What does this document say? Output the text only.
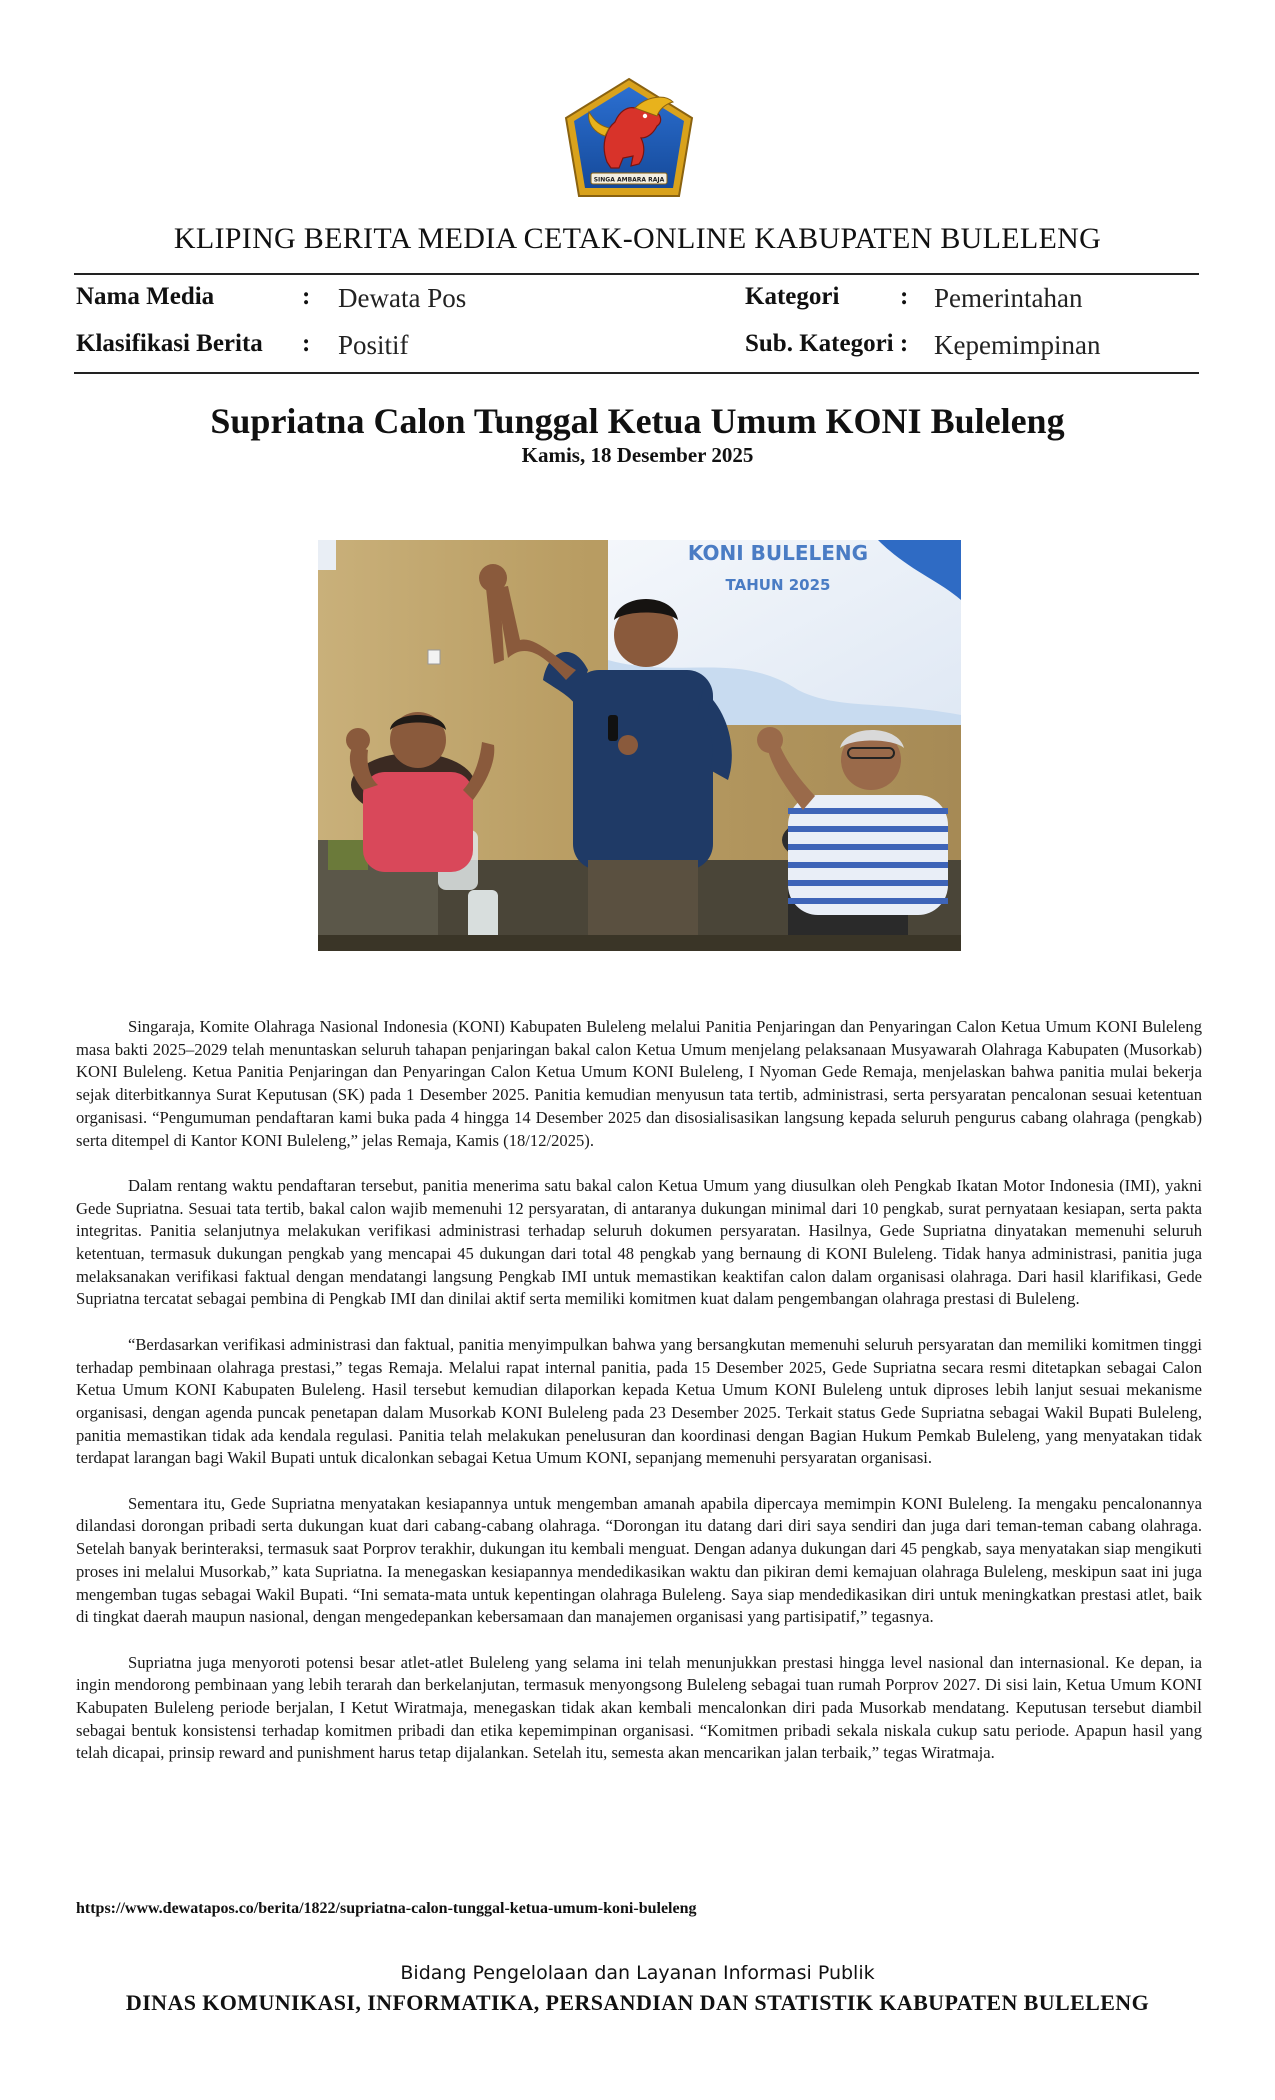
SINGA AMBARA RAJA
KLIPING BERITA MEDIA CETAK-ONLINE KABUPATEN BULELENG
Nama Media	: Dewata Pos
Klasifikasi Berita : Positif
Kategori : Pemerintahan
Sub. Kategori : Kepemimpinan
Supriatna Calon Tunggal Ketua Umum KONI Buleleng
Kamis, 18 Desember 2025
KONI BULELENG
TAHUN 2025

Singaraja, Komite Olahraga Nasional Indonesia (KONI) Kabupaten Buleleng melalui Panitia Penjaringan dan Penyaringan Calon Ketua Umum KONI Buleleng masa bakti 2025–2029 telah menuntaskan seluruh tahapan penjaringan bakal calon Ketua Umum menjelang pelaksanaan Musyawarah Olahraga Kabupaten (Musorkab) KONI Buleleng. Ketua Panitia Penjaringan dan Penyaringan Calon Ketua Umum KONI Buleleng, I Nyoman Gede Remaja, menjelaskan bahwa panitia mulai bekerja sejak diterbitkannya Surat Keputusan (SK) pada 1 Desember 2025. Panitia kemudian menyusun tata tertib, administrasi, serta persyaratan pencalonan sesuai ketentuan organisasi. “Pengumuman pendaftaran kami buka pada 4 hingga 14 Desember 2025 dan disosialisasikan langsung kepada seluruh pengurus cabang olahraga (pengkab) serta ditempel di Kantor KONI Buleleng,” jelas Remaja, Kamis (18/12/2025).

Dalam rentang waktu pendaftaran tersebut, panitia menerima satu bakal calon Ketua Umum yang diusulkan oleh Pengkab Ikatan Motor Indonesia (IMI), yakni Gede Supriatna. Sesuai tata tertib, bakal calon wajib memenuhi 12 persyaratan, di antaranya dukungan minimal dari 10 pengkab, surat pernyataan kesiapan, serta pakta integritas. Panitia selanjutnya melakukan verifikasi administrasi terhadap seluruh dokumen persyaratan. Hasilnya, Gede Supriatna dinyatakan memenuhi seluruh ketentuan, termasuk dukungan pengkab yang mencapai 45 dukungan dari total 48 pengkab yang bernaung di KONI Buleleng. Tidak hanya administrasi, panitia juga melaksanakan verifikasi faktual dengan mendatangi langsung Pengkab IMI untuk memastikan keaktifan calon dalam organisasi olahraga. Dari hasil klarifikasi, Gede Supriatna tercatat sebagai pembina di Pengkab IMI dan dinilai aktif serta memiliki komitmen kuat dalam pengembangan olahraga prestasi di Buleleng.

“Berdasarkan verifikasi administrasi dan faktual, panitia menyimpulkan bahwa yang bersangkutan memenuhi seluruh persyaratan dan memiliki komitmen tinggi terhadap pembinaan olahraga prestasi,” tegas Remaja. Melalui rapat internal panitia, pada 15 Desember 2025, Gede Supriatna secara resmi ditetapkan sebagai Calon Ketua Umum KONI Kabupaten Buleleng. Hasil tersebut kemudian dilaporkan kepada Ketua Umum KONI Buleleng untuk diproses lebih lanjut sesuai mekanisme organisasi, dengan agenda puncak penetapan dalam Musorkab KONI Buleleng pada 23 Desember 2025. Terkait status Gede Supriatna sebagai Wakil Bupati Buleleng, panitia memastikan tidak ada kendala regulasi. Panitia telah melakukan penelusuran dan koordinasi dengan Bagian Hukum Pemkab Buleleng, yang menyatakan tidak terdapat larangan bagi Wakil Bupati untuk dicalonkan sebagai Ketua Umum KONI, sepanjang memenuhi persyaratan organisasi.

Sementara itu, Gede Supriatna menyatakan kesiapannya untuk mengemban amanah apabila dipercaya memimpin KONI Buleleng. Ia mengaku pencalonannya dilandasi dorongan pribadi serta dukungan kuat dari cabang-cabang olahraga. “Dorongan itu datang dari diri saya sendiri dan juga dari teman-teman cabang olahraga. Setelah banyak berinteraksi, termasuk saat Porprov terakhir, dukungan itu kembali menguat. Dengan adanya dukungan dari 45 pengkab, saya menyatakan siap mengikuti proses ini melalui Musorkab,” kata Supriatna. Ia menegaskan kesiapannya mendedikasikan waktu dan pikiran demi kemajuan olahraga Buleleng, meskipun saat ini juga mengemban tugas sebagai Wakil Bupati. “Ini semata-mata untuk kepentingan olahraga Buleleng. Saya siap mendedikasikan diri untuk meningkatkan prestasi atlet, baik di tingkat daerah maupun nasional, dengan mengedepankan kebersamaan dan manajemen organisasi yang partisipatif,” tegasnya.

Supriatna juga menyoroti potensi besar atlet-atlet Buleleng yang selama ini telah menunjukkan prestasi hingga level nasional dan internasional. Ke depan, ia ingin mendorong pembinaan yang lebih terarah dan berkelanjutan, termasuk menyongsong Buleleng sebagai tuan rumah Porprov 2027. Di sisi lain, Ketua Umum KONI Kabupaten Buleleng periode berjalan, I Ketut Wiratmaja, menegaskan tidak akan kembali mencalonkan diri pada Musorkab mendatang. Keputusan tersebut diambil sebagai bentuk konsistensi terhadap komitmen pribadi dan etika kepemimpinan organisasi. “Komitmen pribadi sekala niskala cukup satu periode. Apapun hasil yang telah dicapai, prinsip reward and punishment harus tetap dijalankan. Setelah itu, semesta akan mencarikan jalan terbaik,” tegas Wiratmaja.

https://www.dewatapos.co/berita/1822/supriatna-calon-tunggal-ketua-umum-koni-buleleng
Bidang Pengelolaan dan Layanan Informasi Publik
DINAS KOMUNIKASI, INFORMATIKA, PERSANDIAN DAN STATISTIK KABUPATEN BULELENG
